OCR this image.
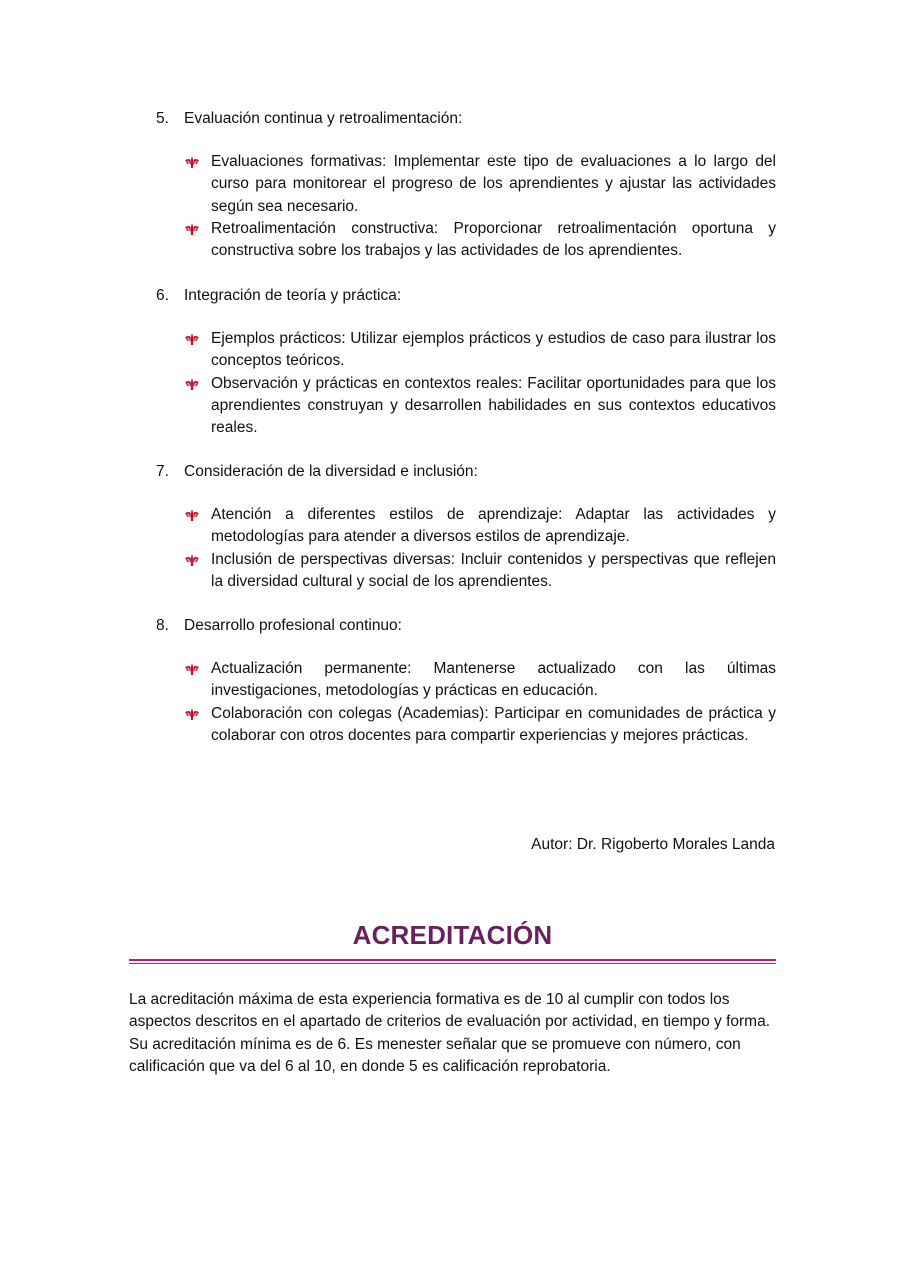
5. Evaluación continua y retroalimentación:
Evaluaciones formativas: Implementar este tipo de evaluaciones a lo largo del curso para monitorear el progreso de los aprendientes y ajustar las actividades según sea necesario.
Retroalimentación constructiva: Proporcionar retroalimentación oportuna y constructiva sobre los trabajos y las actividades de los aprendientes.
6. Integración de teoría y práctica:
Ejemplos prácticos: Utilizar ejemplos prácticos y estudios de caso para ilustrar los conceptos teóricos.
Observación y prácticas en contextos reales: Facilitar oportunidades para que los aprendientes construyan y desarrollen habilidades en sus contextos educativos reales.
7. Consideración de la diversidad e inclusión:
Atención a diferentes estilos de aprendizaje: Adaptar las actividades y metodologías para atender a diversos estilos de aprendizaje.
Inclusión de perspectivas diversas: Incluir contenidos y perspectivas que reflejen la diversidad cultural y social de los aprendientes.
8. Desarrollo profesional continuo:
Actualización permanente: Mantenerse actualizado con las últimas investigaciones, metodologías y prácticas en educación.
Colaboración con colegas (Academias): Participar en comunidades de práctica y colaborar con otros docentes para compartir experiencias y mejores prácticas.
Autor: Dr. Rigoberto Morales Landa
ACREDITACIÓN

La acreditación máxima de esta experiencia formativa es de 10 al cumplir con todos los aspectos descritos en el apartado de criterios de evaluación por actividad, en tiempo y forma.

Su acreditación mínima es de 6. Es menester señalar que se promueve con número, con calificación que va del 6 al 10, en donde 5 es calificación reprobatoria.
